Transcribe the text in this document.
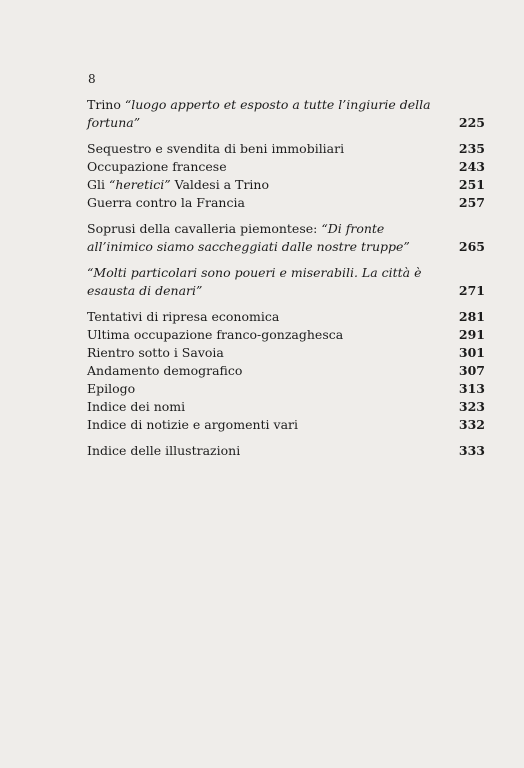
8
Trino “luogo apperto et esposto a tutte l’ingiurie della fortuna”	225
Sequestro e svendita di beni immobiliari	235
Occupazione francese	243
Gli “heretici” Valdesi a Trino	251
Guerra contro la Francia	257
Soprusi della cavalleria piemontese: “Di fronte all’inimico siamo saccheggiati dalle nostre truppe”	265
“Molti particolari sono poueri e miserabili. La città è esausta di denari”	271
Tentativi di ripresa economica	281
Ultima occupazione franco-gonzaghesca	291
Rientro sotto i Savoia	301
Andamento demografico	307
Epilogo	313
Indice dei nomi	323
Indice di notizie e argomenti vari	332
Indice delle illustrazioni	333
